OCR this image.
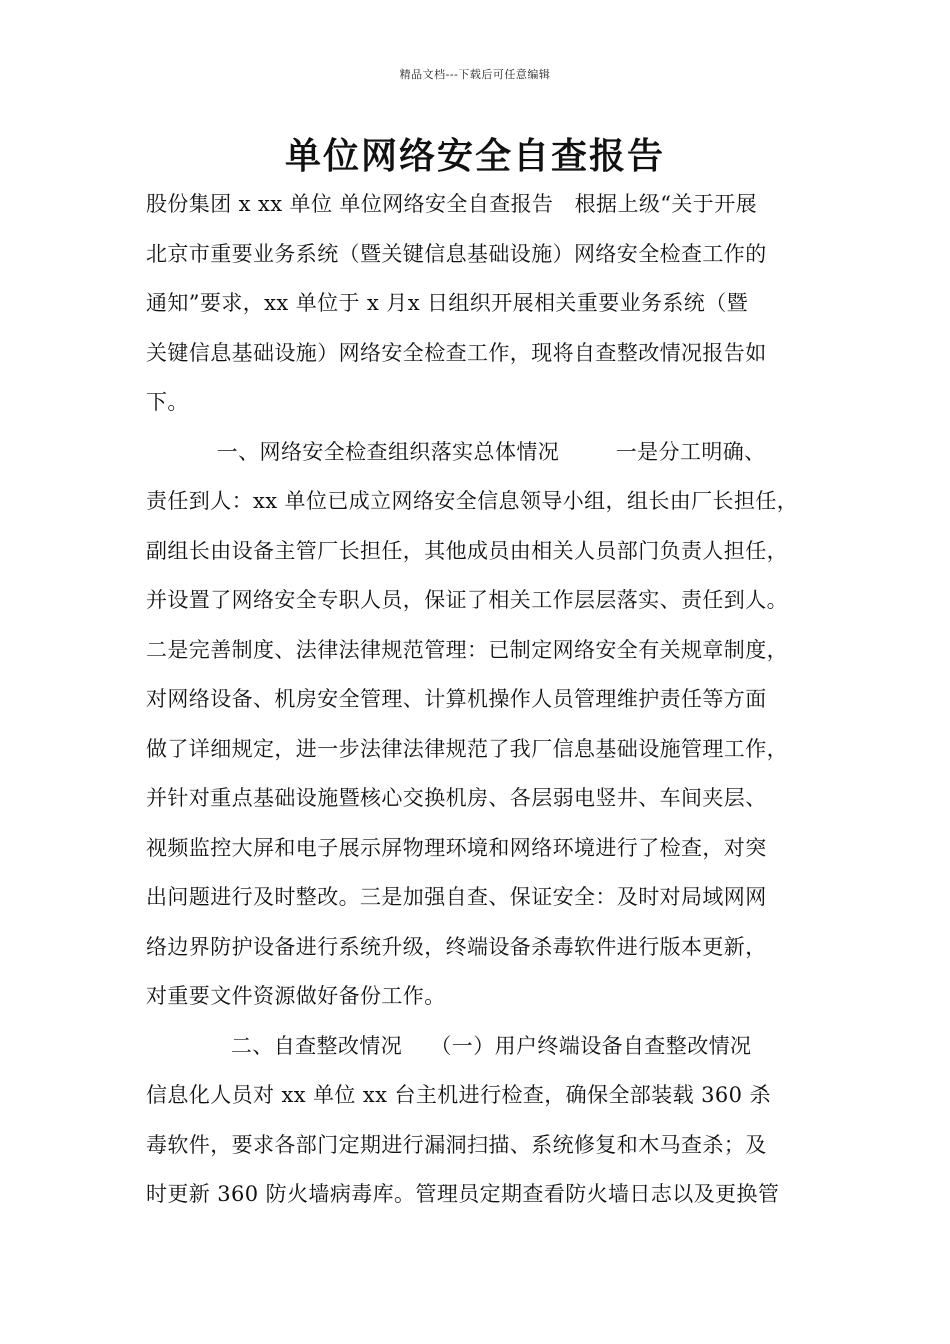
精品文档---下载后可任意编辑
单位网络安全自查报告
股份集团 x xx 单位 单位网络安全自查报告   根据上级“关于开展
北京市重要业务系统（暨关键信息基础设施）网络安全检查工作的
通知”要求，xx 单位于 x 月x 日组织开展相关重要业务系统（暨
关键信息基础设施）网络安全检查工作，现将自查整改情况报告如
下。
一、网络安全检查组织落实总体情况        一是分工明确、
责任到人：xx 单位已成立网络安全信息领导小组，组长由厂长担任，
副组长由设备主管厂长担任，其他成员由相关人员部门负责人担任，
并设置了网络安全专职人员，保证了相关工作层层落实、责任到人。
二是完善制度、法律法律规范管理：已制定网络安全有关规章制度，
对网络设备、机房安全管理、计算机操作人员管理维护责任等方面
做了详细规定，进一步法律法律规范了我厂信息基础设施管理工作，
并针对重点基础设施暨核心交换机房、各层弱电竖井、车间夹层、
视频监控大屏和电子展示屏物理环境和网络环境进行了检查，对突
出问题进行及时整改。三是加强自查、保证安全：及时对局域网网
络边界防护设备进行系统升级，终端设备杀毒软件进行版本更新，
对重要文件资源做好备份工作。
二、自查整改情况    （一）用户终端设备自查整改情况
信息化人员对 xx 单位 xx 台主机进行检查，确保全部装载 360 杀
毒软件，要求各部门定期进行漏洞扫描、系统修复和木马查杀；及
时更新 360 防火墙病毒库。管理员定期查看防火墙日志以及更换管
